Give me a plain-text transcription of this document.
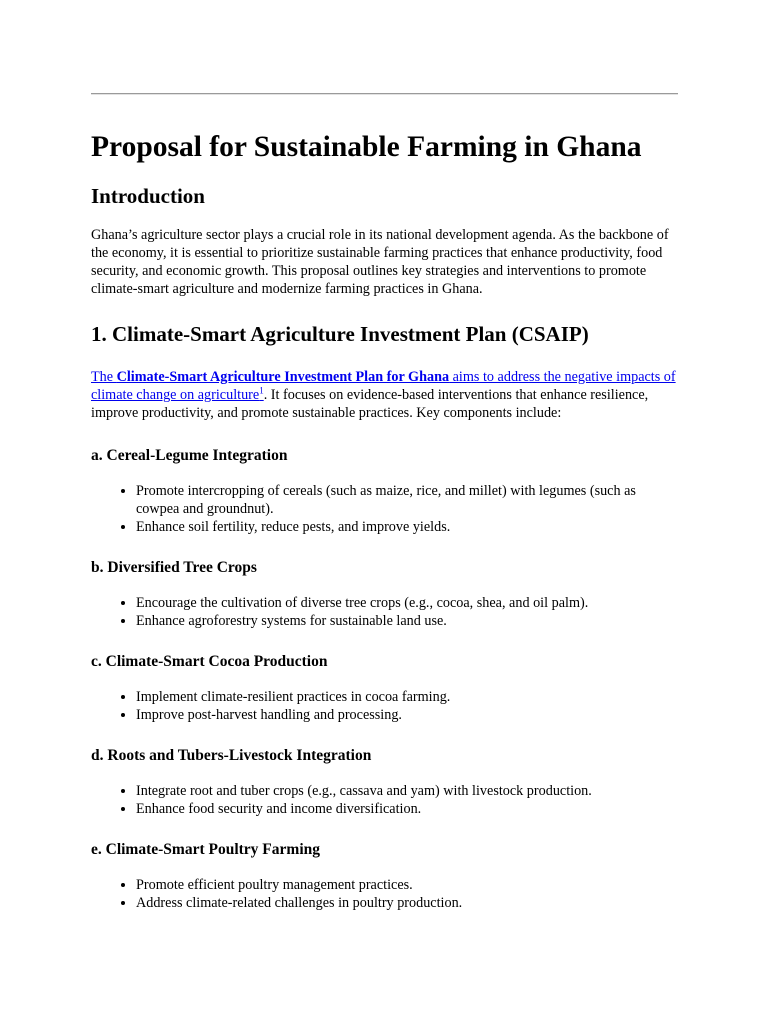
Proposal for Sustainable Farming in Ghana
Introduction

Ghana’s agriculture sector plays a crucial role in its national development agenda. As the backbone of the economy, it is essential to prioritize sustainable farming practices that enhance productivity, food security, and economic growth. This proposal outlines key strategies and interventions to promote climate-smart agriculture and modernize farming practices in Ghana.

1. Climate-Smart Agriculture Investment Plan (CSAIP)

The Climate-Smart Agriculture Investment Plan for Ghana aims to address the negative impacts of climate change on agriculture$^1$. It focuses on evidence-based interventions that enhance resilience, improve productivity, and promote sustainable practices. Key components include:

a. Cereal-Legume Integration
• Promote intercropping of cereals (such as maize, rice, and millet) with legumes (such as cowpea and groundnut).
• Enhance soil fertility, reduce pests, and improve yields.
b. Diversified Tree Crops
• Encourage the cultivation of diverse tree crops (e.g., cocoa, shea, and oil palm).
• Enhance agroforestry systems for sustainable land use.
c. Climate-Smart Cocoa Production
• Implement climate-resilient practices in cocoa farming.
• Improve post-harvest handling and processing.
d. Roots and Tubers-Livestock Integration
• Integrate root and tuber crops (e.g., cassava and yam) with livestock production.
• Enhance food security and income diversification.
e. Climate-Smart Poultry Farming
• Promote efficient poultry management practices.
• Address climate-related challenges in poultry production.
